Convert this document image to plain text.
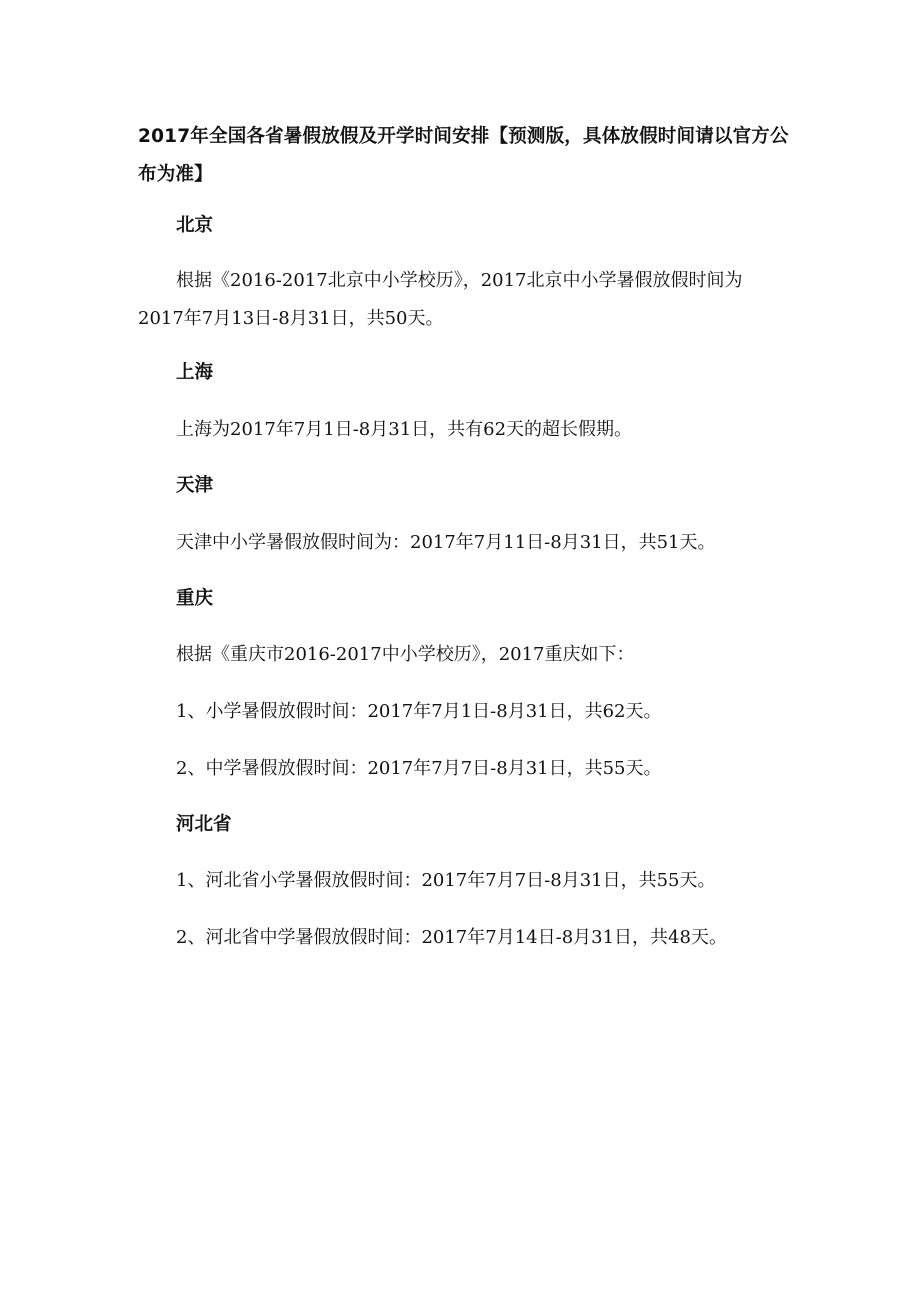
2017年全国各省暑假放假及开学时间安排【预测版，具体放假时间请以官方公
布为准】
北京

根据《2016-2017北京中小学校历》，2017北京中小学暑假放假时间为
2017年7月13日-8月31日，共50天。

上海

上海为2017年7月1日-8月31日，共有62天的超长假期。

天津

天津中小学暑假放假时间为：2017年7月11日-8月31日，共51天。

重庆

根据《重庆市2016-2017中小学校历》，2017重庆如下：

1、小学暑假放假时间：2017年7月1日-8月31日，共62天。

2、中学暑假放假时间：2017年7月7日-8月31日，共55天。

河北省

1、河北省小学暑假放假时间：2017年7月7日-8月31日，共55天。

2、河北省中学暑假放假时间：2017年7月14日-8月31日，共48天。
